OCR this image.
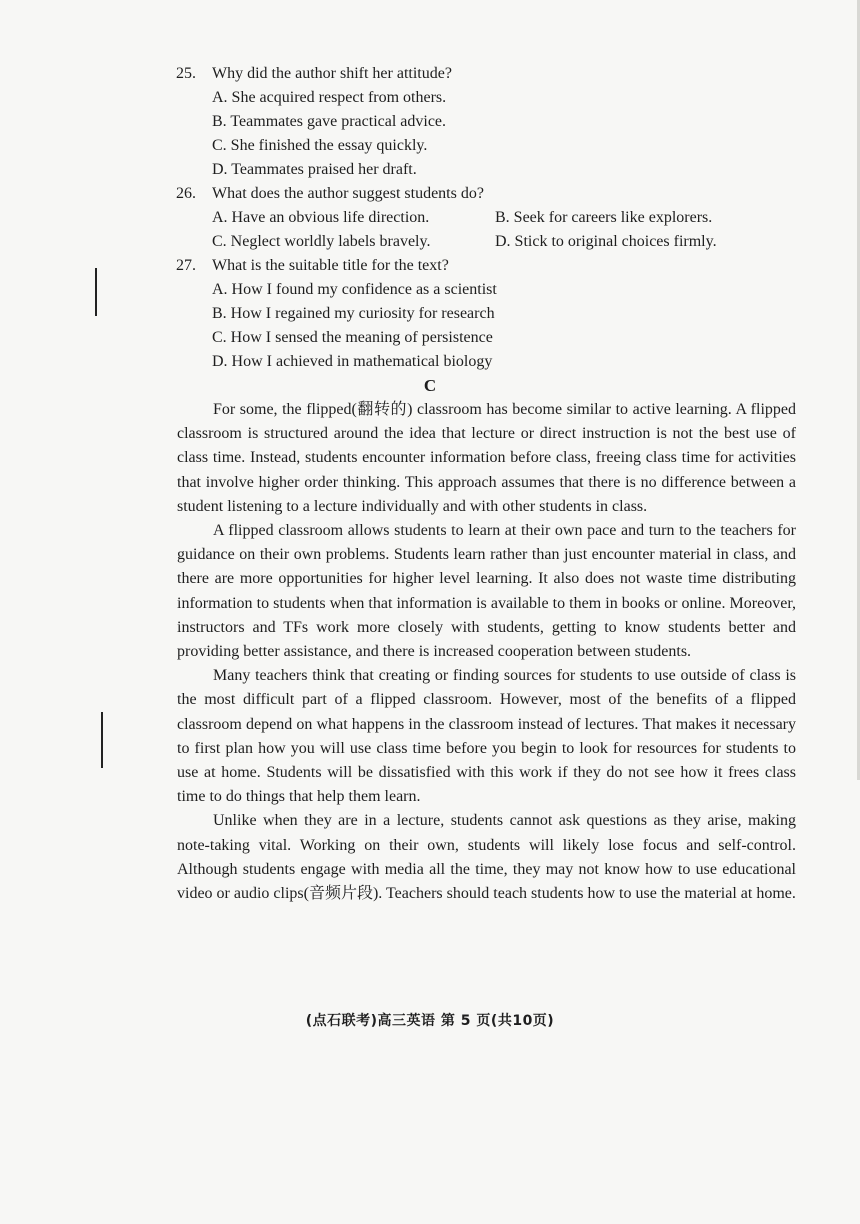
25. Why did the author shift her attitude?
A. She acquired respect from others.
B. Teammates gave practical advice.
C. She finished the essay quickly.
D. Teammates praised her draft.
26. What does the author suggest students do?
A. Have an obvious life direction.	B. Seek for careers like explorers.
C. Neglect worldly labels bravely.	D. Stick to original choices firmly.
27. What is the suitable title for the text?
A. How I found my confidence as a scientist
B. How I regained my curiosity for research
C. How I sensed the meaning of persistence
D. How I achieved in mathematical biology
C

For some, the flipped(翻转的) classroom has become similar to active learning. A flipped classroom is structured around the idea that lecture or direct instruction is not the best use of class time. Instead, students encounter information before class, freeing class time for activities that involve higher order thinking. This approach assumes that there is no difference between a student listening to a lecture individually and with other students in class.

A flipped classroom allows students to learn at their own pace and turn to the teachers for guidance on their own problems. Students learn rather than just encounter material in class, and there are more opportunities for higher level learning. It also does not waste time distributing information to students when that information is available to them in books or online. Moreover, instructors and TFs work more closely with students, getting to know students better and providing better assistance, and there is increased cooperation between students.

Many teachers think that creating or finding sources for students to use outside of class is the most difficult part of a flipped classroom. However, most of the benefits of a flipped classroom depend on what happens in the classroom instead of lectures. That makes it necessary to first plan how you will use class time before you begin to look for resources for students to use at home. Students will be dissatisfied with this work if they do not see how it frees class time to do things that help them learn.

Unlike when they are in a lecture, students cannot ask questions as they arise, making note-taking vital. Working on their own, students will likely lose focus and self-control. Although students engage with media all the time, they may not know how to use educational video or audio clips(音频片段). Teachers should teach students how to use the material at home.

(点石联考)高三英语 第 5 页(共10页)
